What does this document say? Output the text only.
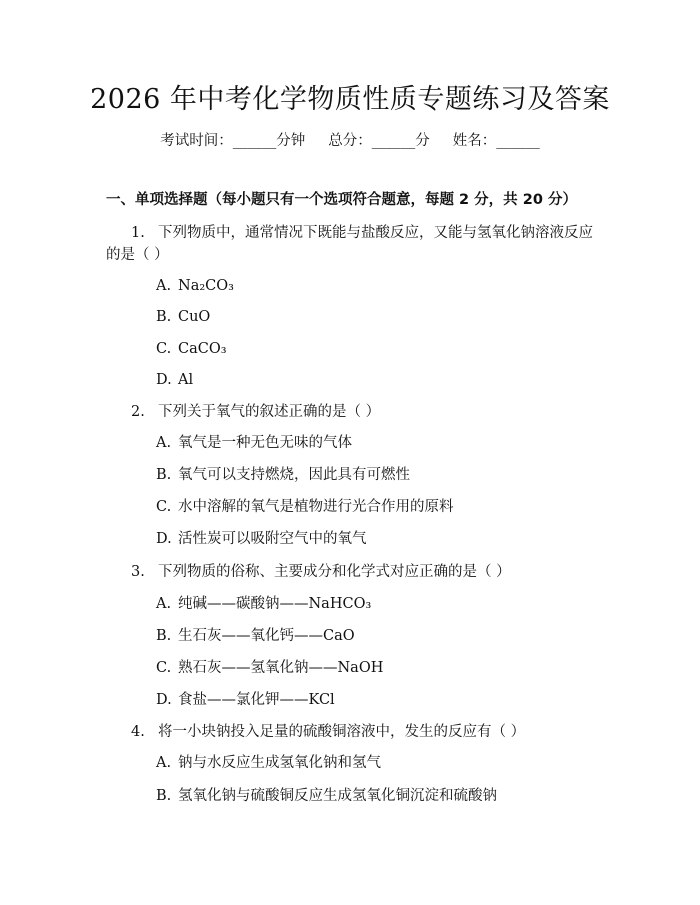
2026 年中考化学物质性质专题练习及答案
考试时间：______分钟     总分：______分     姓名：______
一、单项选择题（每小题只有一个选项符合题意，每题 2 分，共 20 分）
1. 下列物质中，通常情况下既能与盐酸反应，又能与氢氧化钠溶液反应的是（ ）
A. Na₂CO₃
B. CuO
C. CaCO₃
D. Al
2. 下列关于氧气的叙述正确的是（ ）
A. 氧气是一种无色无味的气体
B. 氧气可以支持燃烧，因此具有可燃性
C. 水中溶解的氧气是植物进行光合作用的原料
D. 活性炭可以吸附空气中的氧气
3. 下列物质的俗称、主要成分和化学式对应正确的是（ ）
A. 纯碱——碳酸钠——NaHCO₃
B. 生石灰——氧化钙——CaO
C. 熟石灰——氢氧化钠——NaOH
D. 食盐——氯化钾——KCl
4. 将一小块钠投入足量的硫酸铜溶液中，发生的反应有（ ）
A. 钠与水反应生成氢氧化钠和氢气
B. 氢氧化钠与硫酸铜反应生成氢氧化铜沉淀和硫酸钠
